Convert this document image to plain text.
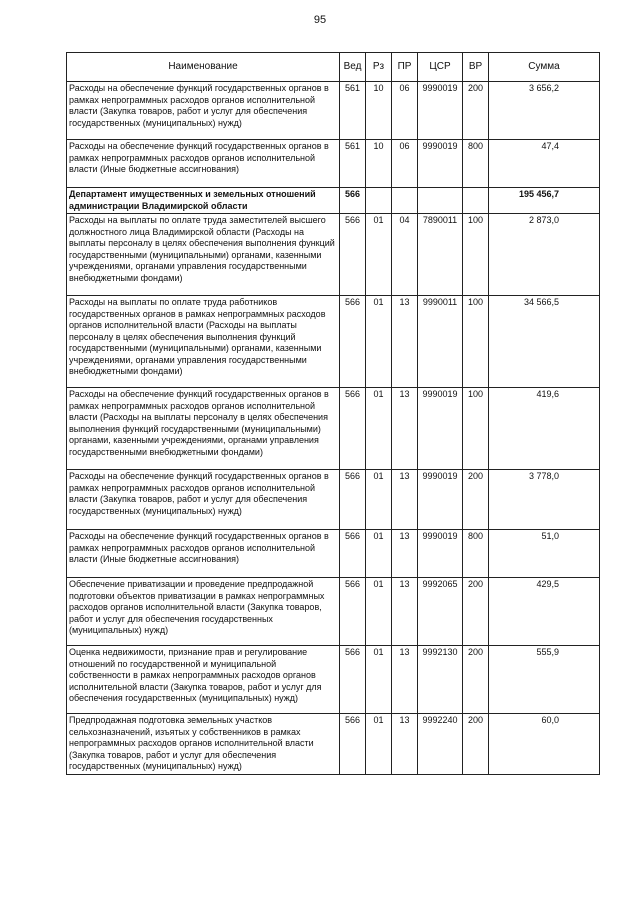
95
Наименование	Вед	Рз	ПР	ЦСР	ВР	Сумма
Расходы на обеспечение функций государственных органов в рамках непрограммных расходов органов исполнительной власти (Закупка товаров, работ и услуг для обеспечения государственных (муниципальных) нужд)	561	10	06	9990019	200	3 656,2
Расходы на обеспечение функций государственных органов в рамках непрограммных расходов органов исполнительной власти (Иные бюджетные ассигнования)	561	10	06	9990019	800	47,4
Департамент имущественных и земельных отношений администрации Владимирской области	566					195 456,7
Расходы на выплаты по оплате труда заместителей высшего должностного лица Владимирской области (Расходы на выплаты персоналу в целях обеспечения выполнения функций государственными (муниципальными) органами, казенными учреждениями, органами управления государственными внебюджетными фондами)	566	01	04	7890011	100	2 873,0
Расходы на выплаты по оплате труда работников государственных органов в рамках непрограммных расходов органов исполнительной власти (Расходы на выплаты персоналу в целях обеспечения выполнения функций государственными (муниципальными) органами, казенными учреждениями, органами управления государственными внебюджетными фондами)	566	01	13	9990011	100	34 566,5
Расходы на обеспечение функций государственных органов в рамках непрограммных расходов органов исполнительной власти (Расходы на выплаты персоналу в целях обеспечения выполнения функций государственными (муниципальными) органами, казенными учреждениями, органами управления государственными внебюджетными фондами)	566	01	13	9990019	100	419,6
Расходы на обеспечение функций государственных органов в рамках непрограммных расходов органов исполнительной власти (Закупка товаров, работ и услуг для обеспечения государственных (муниципальных) нужд)	566	01	13	9990019	200	3 778,0
Расходы на обеспечение функций государственных органов в рамках непрограммных расходов органов исполнительной власти (Иные бюджетные ассигнования)	566	01	13	9990019	800	51,0
Обеспечение приватизации и проведение предпродажной подготовки объектов приватизации в рамках непрограммных расходов органов исполнительной власти (Закупка товаров, работ и услуг для обеспечения государственных (муниципальных) нужд)	566	01	13	9992065	200	429,5
Оценка недвижимости, признание прав и регулирование отношений по государственной и муниципальной собственности в рамках непрограммных расходов органов исполнительной власти (Закупка товаров, работ и услуг для обеспечения государственных (муниципальных) нужд)	566	01	13	9992130	200	555,9
Предпродажная подготовка земельных участков сельхозназначений, изъятых у собственников в рамках непрограммных расходов органов исполнительной власти (Закупка товаров, работ и услуг для обеспечения государственных (муниципальных) нужд)	566	01	13	9992240	200	60,0
